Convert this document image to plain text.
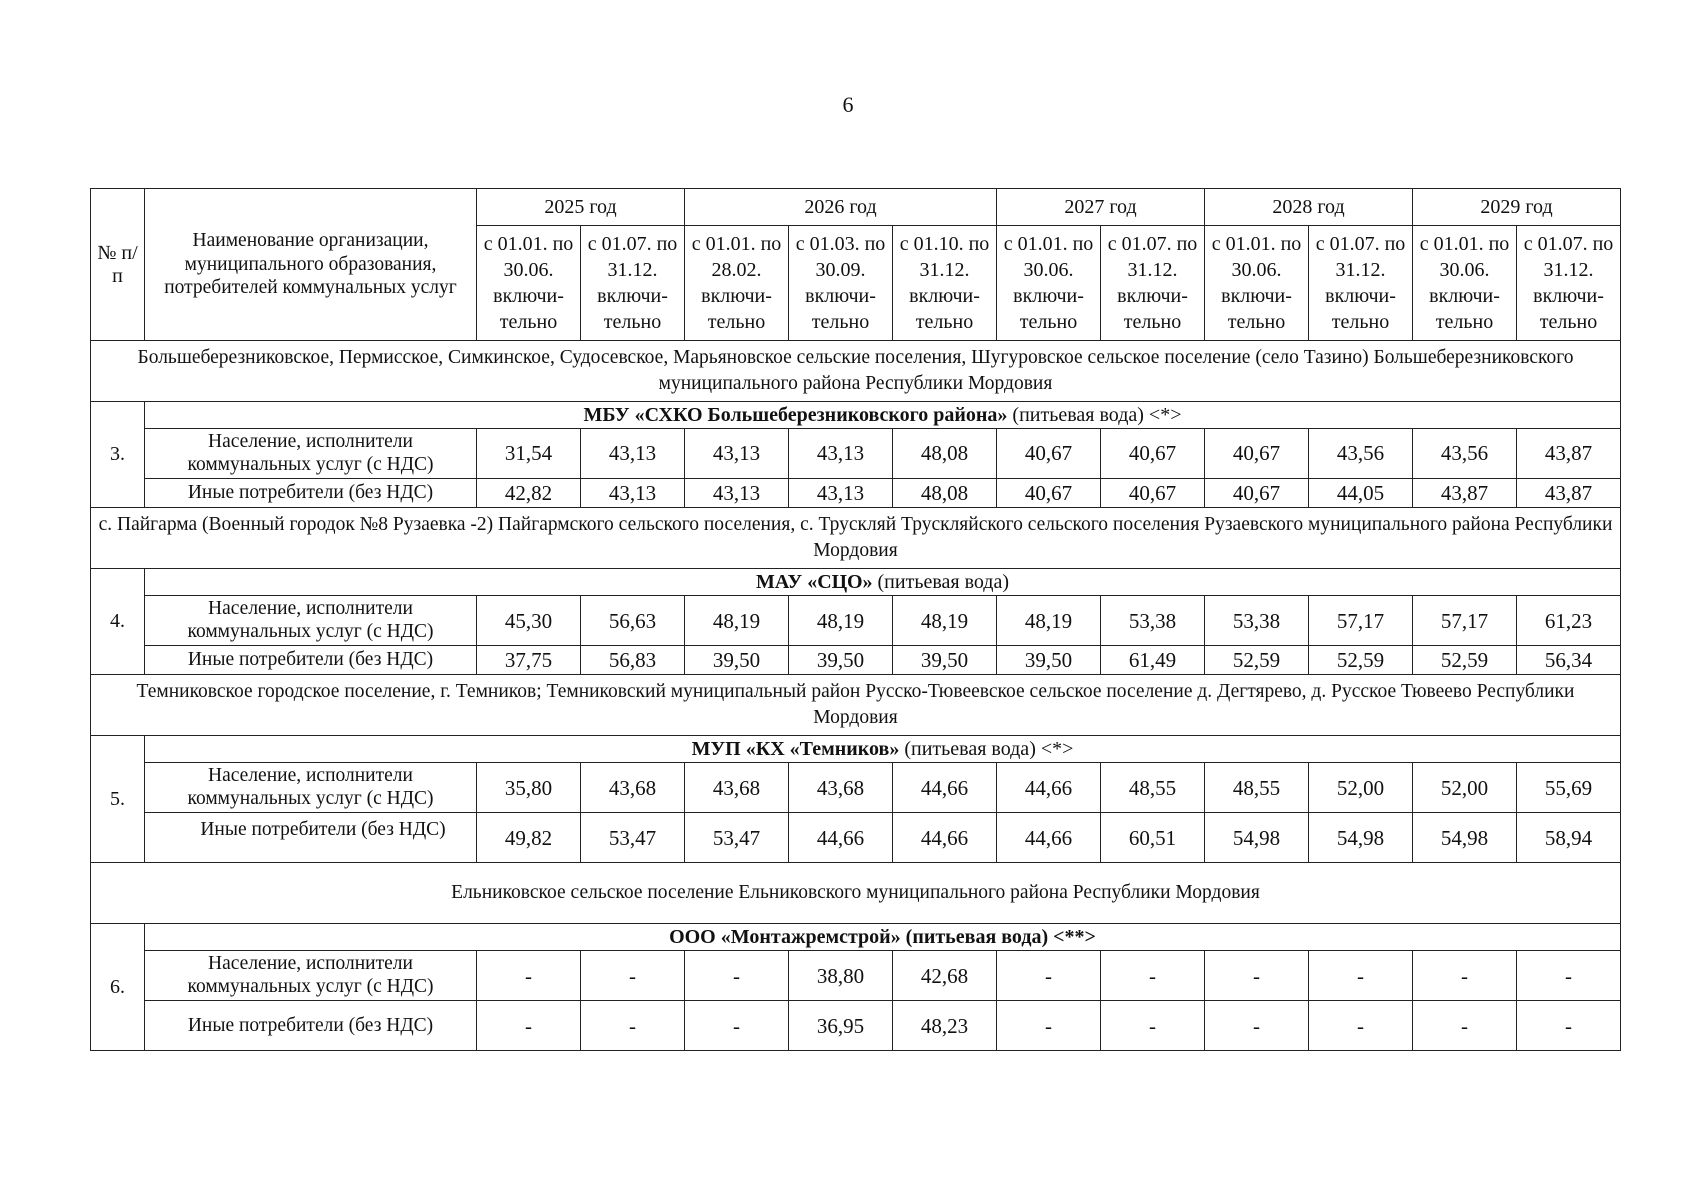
6
№ п/п	Наименование организации, муниципального образования, потребителей коммунальных услуг	2025 год		2026 год			2027 год		2028 год		2029 год	
		с 01.01. по 30.06. включи-тельно	с 01.07. по 31.12. включи-тельно	с 01.01. по 28.02. включи-тельно	с 01.03. по 30.09. включи-тельно	с 01.10. по 31.12. включи-тельно	с 01.01. по 30.06. включи-тельно	с 01.07. по 31.12. включи-тельно	с 01.01. по 30.06. включи-тельно	с 01.07. по 31.12. включи-тельно	с 01.01. по 30.06. включи-тельно	с 01.07. по 31.12. включи-тельно
Большеберезниковское, Пермисское, Симкинское, Судосевское, Марьяновское сельские поселения, Шугуровское сельское поселение (село Тазино) Большеберезниковского муниципального района Республики Мордовия												
3.	МБУ «СХКО Большеберезниковского района» (питьевая вода) <*>											
	Население, исполнители коммунальных услуг (с НДС)	31,54	43,13	43,13	43,13	48,08	40,67	40,67	40,67	43,56	43,56	43,87
	Иные потребители (без НДС)	42,82	43,13	43,13	43,13	48,08	40,67	40,67	40,67	44,05	43,87	43,87
с. Пайгарма (Военный городок №8 Рузаевка -2) Пайгармского сельского поселения, с. Трускляй Трускляйского сельского поселения Рузаевского муниципального района Республики Мордовия												
4.	МАУ «СЦО» (питьевая вода)											
	Население, исполнители коммунальных услуг (с НДС)	45,30	56,63	48,19	48,19	48,19	48,19	53,38	53,38	57,17	57,17	61,23
	Иные потребители (без НДС)	37,75	56,83	39,50	39,50	39,50	39,50	61,49	52,59	52,59	52,59	56,34
Темниковское городское поселение, г. Темников; Темниковский муниципальный район Русско-Тювеевское сельское поселение д. Дегтярево, д. Русское Тювеево Республики Мордовия												
5.	МУП «КХ «Темников» (питьевая вода) <*>											
	Население, исполнители коммунальных услуг (с НДС)	35,80	43,68	43,68	43,68	44,66	44,66	48,55	48,55	52,00	52,00	55,69
	Иные потребители (без НДС)	49,82	53,47	53,47	44,66	44,66	44,66	60,51	54,98	54,98	54,98	58,94
Ельниковское сельское поселение Ельниковского муниципального района Республики Мордовия												
6.	ООО «Монтажремстрой» (питьевая вода) <**>											
	Население, исполнители коммунальных услуг (с НДС)	-	-	-	38,80	42,68	-	-	-	-	-	-
	Иные потребители (без НДС)	-	-	-	36,95	48,23	-	-	-	-	-	-
